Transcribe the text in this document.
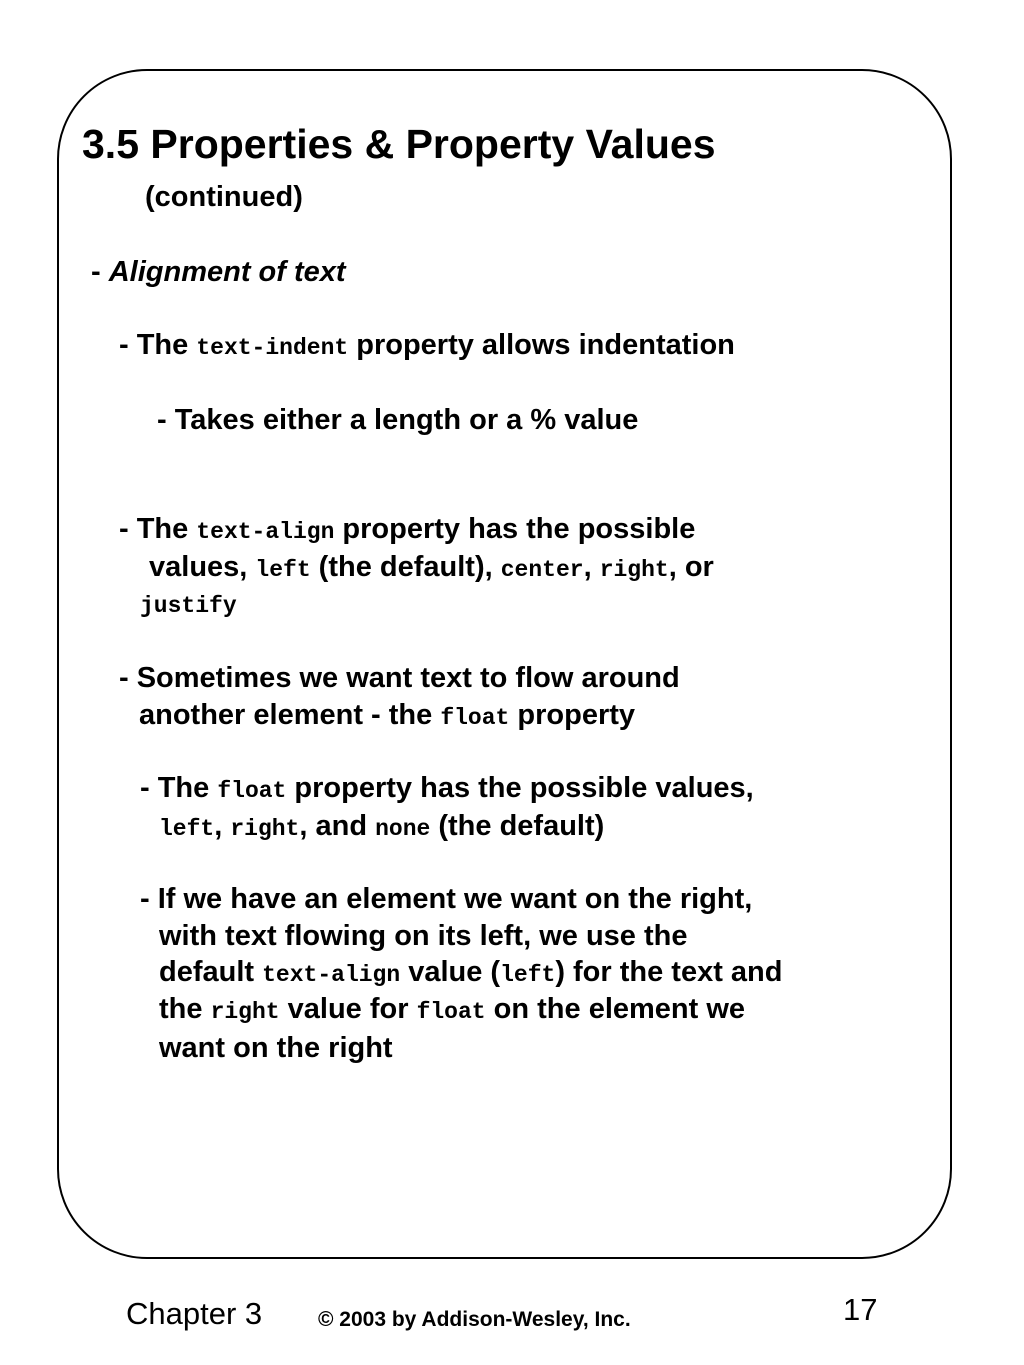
3.5 Properties & Property Values
(continued)
- Alignment of text
- The text-indent property allows indentation
- Takes either a length or a % value
- The text-align property has the possible
values, left (the default), center, right, or
justify
- Sometimes we want text to flow around
another element - the float property
- The float property has the possible values,
left, right, and none (the default)
- If we have an element we want on the right,
with text flowing on its left, we use the
default text-align value (left) for the text and
the right value for float on the element we
want on the right
Chapter 3	© 2003 by Addison-Wesley, Inc.	17
